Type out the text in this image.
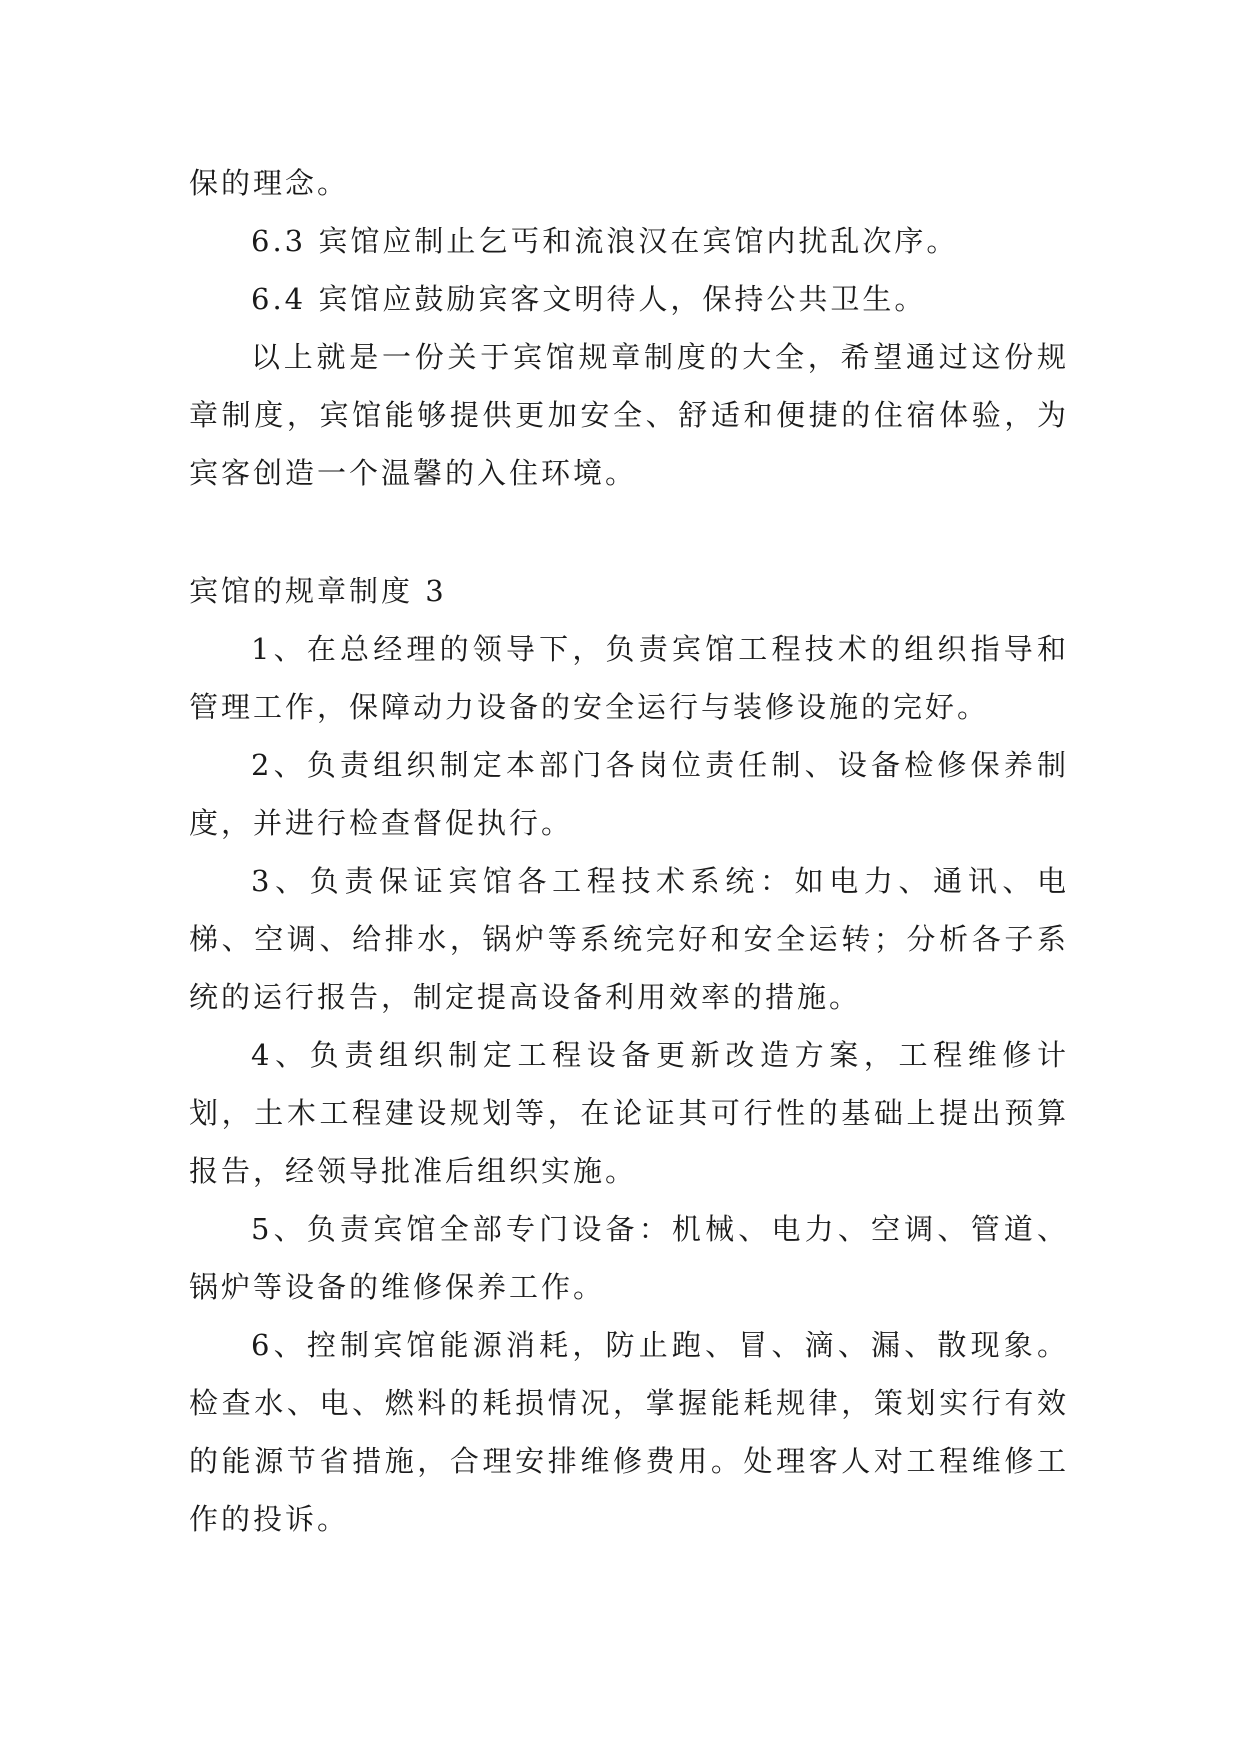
保的理念。

6.3 宾馆应制止乞丐和流浪汉在宾馆内扰乱次序。

6.4 宾馆应鼓励宾客文明待人，保持公共卫生。

以上就是一份关于宾馆规章制度的大全，希望通过这份规章制度，宾馆能够提供更加安全、舒适和便捷的住宿体验，为宾客创造一个温馨的入住环境。

宾馆的规章制度 3

1、在总经理的领导下，负责宾馆工程技术的组织指导和管理工作，保障动力设备的安全运行与装修设施的完好。

2、负责组织制定本部门各岗位责任制、设备检修保养制度，并进行检查督促执行。

3、负责保证宾馆各工程技术系统：如电力、通讯、电梯、空调、给排水，锅炉等系统完好和安全运转；分析各子系统的运行报告，制定提高设备利用效率的措施。

4、负责组织制定工程设备更新改造方案，工程维修计划，土木工程建设规划等，在论证其可行性的基础上提出预算报告，经领导批准后组织实施。

5、负责宾馆全部专门设备：机械、电力、空调、管道、锅炉等设备的维修保养工作。

6、控制宾馆能源消耗，防止跑、冒、滴、漏、散现象。检查水、电、燃料的耗损情况，掌握能耗规律，策划实行有效的能源节省措施，合理安排维修费用。处理客人对工程维修工作的投诉。
